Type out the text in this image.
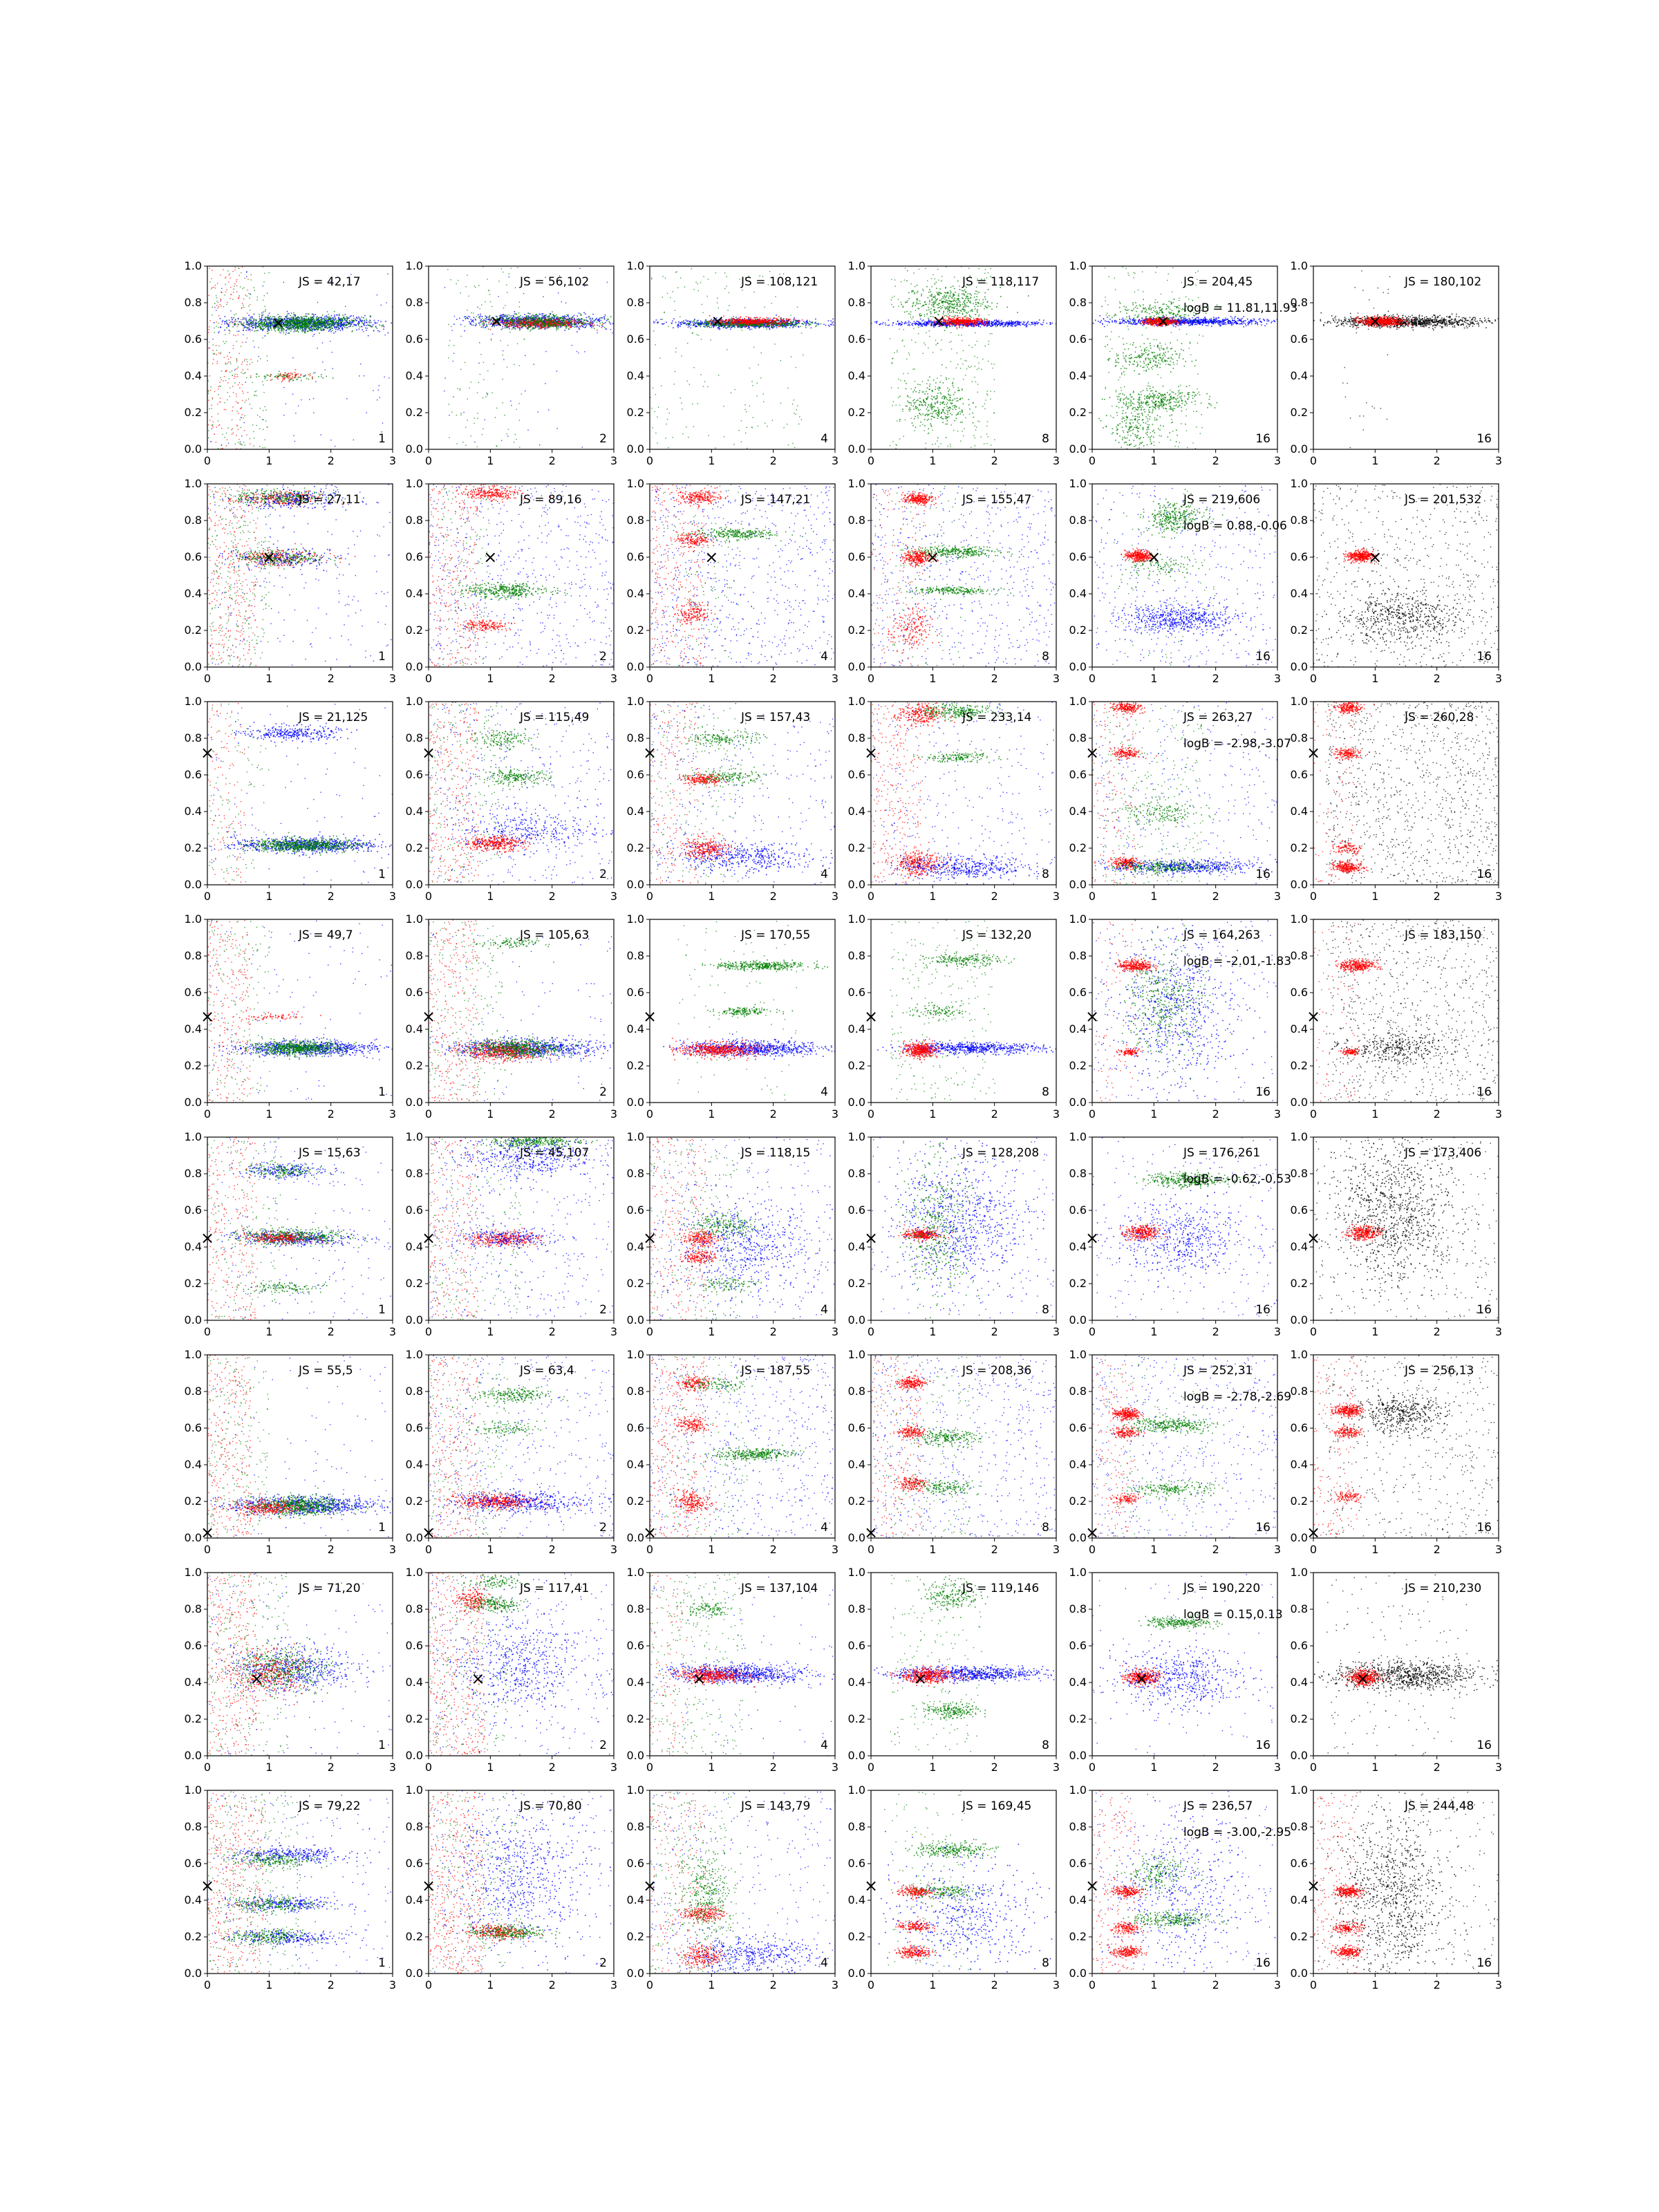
0	1	2	3
0.0
0.2
0.4
0.6
0.8
1.0
×
JS = 42,17
1
0	1	2	3
0.0
0.2
0.4
0.6
0.8
1.0
×
JS = 56,102
2
0	1	2	3
0.0
0.2
0.4
0.6
0.8
1.0
×
JS = 108,121
4
0	1	2	3
0.0
0.2
0.4
0.6
0.8
1.0
×
JS = 118,117
8
0	1	2	3
0.0
0.2
0.4
0.6
0.8
1.0
×
JS = 204,45
logB = 11.81,11.93
16
0	1	2	3
0.0
0.2
0.4
0.6
0.8
1.0
×
JS = 180,102
16
0	1	2	3
0.0
0.2
0.4
0.6
0.8
1.0
×
JS = 27,11
1
0	1	2	3
0.0
0.2
0.4
0.6
0.8
1.0
×
JS = 89,16
2
0	1	2	3
0.0
0.2
0.4
0.6
0.8
1.0
×
JS = 147,21
4
0	1	2	3
0.0
0.2
0.4
0.6
0.8
1.0
×
JS = 155,47
8
0	1	2	3
0.0
0.2
0.4
0.6
0.8
1.0
×
JS = 219,606
logB = 0.88,-0.06
16
0	1	2	3
0.0
0.2
0.4
0.6
0.8
1.0
×
JS = 201,532
16
0	1	2	3
0.0
0.2
0.4
0.6
0.8
1.0
×
JS = 21,125
1
0	1	2	3
0.0
0.2
0.4
0.6
0.8
1.0
×
JS = 115,49
2
0	1	2	3
0.0
0.2
0.4
0.6
0.8
1.0
×
JS = 157,43
4
0	1	2	3
0.0
0.2
0.4
0.6
0.8
1.0
×
JS = 233,14
8
0	1	2	3
0.0
0.2
0.4
0.6
0.8
1.0
×
JS = 263,27
logB = -2.98,-3.07
16
0	1	2	3
0.0
0.2
0.4
0.6
0.8
1.0
×
JS = 260,28
16
0	1	2	3
0.0
0.2
0.4
0.6
0.8
1.0
×
JS = 49,7
1
0	1	2	3
0.0
0.2
0.4
0.6
0.8
1.0
×
JS = 105,63
2
0	1	2	3
0.0
0.2
0.4
0.6
0.8
1.0
×
JS = 170,55
4
0	1	2	3
0.0
0.2
0.4
0.6
0.8
1.0
×
JS = 132,20
8
0	1	2	3
0.0
0.2
0.4
0.6
0.8
1.0
×
JS = 164,263
logB = -2.01,-1.83
16
0	1	2	3
0.0
0.2
0.4
0.6
0.8
1.0
×
JS = 183,150
16
0	1	2	3
0.0
0.2
0.4
0.6
0.8
1.0
×
JS = 15,63
1
0	1	2	3
0.0
0.2
0.4
0.6
0.8
1.0
×
JS = 45,107
2
0	1	2	3
0.0
0.2
0.4
0.6
0.8
1.0
×
JS = 118,15
4
0	1	2	3
0.0
0.2
0.4
0.6
0.8
1.0
×
JS = 128,208
8
0	1	2	3
0.0
0.2
0.4
0.6
0.8
1.0
×
JS = 176,261
logB = -0.62,-0.53
16
0	1	2	3
0.0
0.2
0.4
0.6
0.8
1.0
×
JS = 173,406
16
0	1	2	3
0.0
0.2
0.4
0.6
0.8
1.0
×
JS = 55,5
1
0	1	2	3
0.0
0.2
0.4
0.6
0.8
1.0
×
JS = 63,4
2
0	1	2	3
0.0
0.2
0.4
0.6
0.8
1.0
×
JS = 187,55
4
0	1	2	3
0.0
0.2
0.4
0.6
0.8
1.0
×
JS = 208,36
8
0	1	2	3
0.0
0.2
0.4
0.6
0.8
1.0
×
JS = 252,31
logB = -2.78,-2.69
16
0	1	2	3
0.0
0.2
0.4
0.6
0.8
1.0
×
JS = 256,13
16
0	1	2	3
0.0
0.2
0.4
0.6
0.8
1.0
×
JS = 71,20
1
0	1	2	3
0.0
0.2
0.4
0.6
0.8
1.0
×
JS = 117,41
2
0	1	2	3
0.0
0.2
0.4
0.6
0.8
1.0
×
JS = 137,104
4
0	1	2	3
0.0
0.2
0.4
0.6
0.8
1.0
×
JS = 119,146
8
0	1	2	3
0.0
0.2
0.4
0.6
0.8
1.0
×
JS = 190,220
logB = 0.15,0.13
16
0	1	2	3
0.0
0.2
0.4
0.6
0.8
1.0
×
JS = 210,230
16
0	1	2	3
0.0
0.2
0.4
0.6
0.8
1.0
×
JS = 79,22
1
0	1	2	3
0.0
0.2
0.4
0.6
0.8
1.0
×
JS = 70,80
2
0	1	2	3
0.0
0.2
0.4
0.6
0.8
1.0
×
JS = 143,79
4
0	1	2	3
0.0
0.2
0.4
0.6
0.8
1.0
×
JS = 169,45
8
0	1	2	3
0.0
0.2
0.4
0.6
0.8
1.0
×
JS = 236,57
logB = -3.00,-2.95
16
0	1	2	3
0.0
0.2
0.4
0.6
0.8
1.0
×
JS = 244,48
16
